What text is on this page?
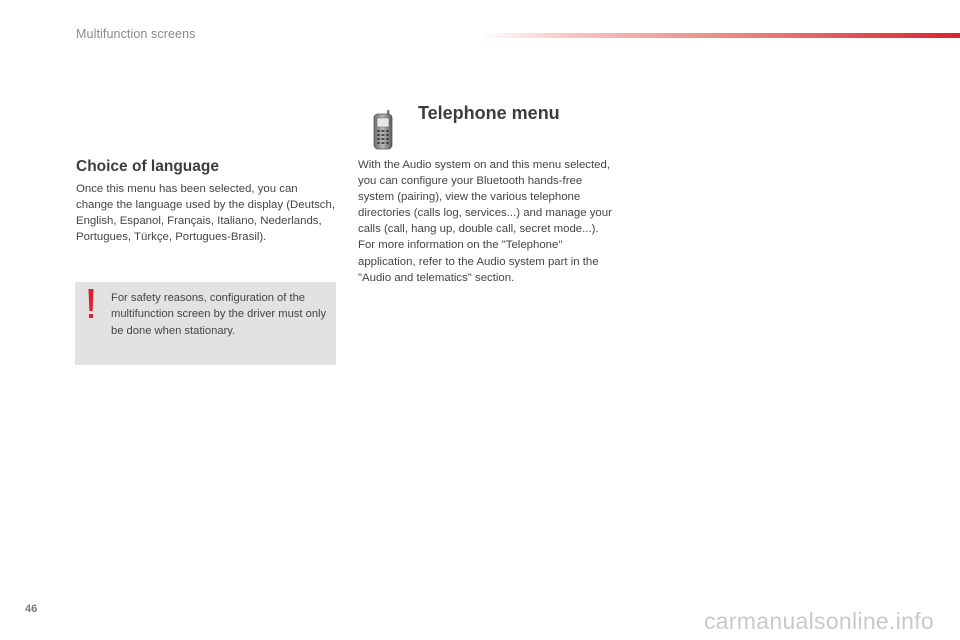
Multifunction screens
Choice of language

Once this menu has been selected, you can change the language used by the display (Deutsch, English, Espanol, Français, Italiano, Nederlands, Portugues, Türkçe, Portugues-Brasil).

For safety reasons, configuration of the multifunction screen by the driver must only be done when stationary.

Telephone menu

With the Audio system on and this menu selected, you can configure your Bluetooth hands-free system (pairing), view the various telephone directories (calls log, services...) and manage your calls (call, hang up, double call, secret mode...).

For more information on the "Telephone" application, refer to the Audio system part in the "Audio and telematics" section.

46	carmanualsonline.info
